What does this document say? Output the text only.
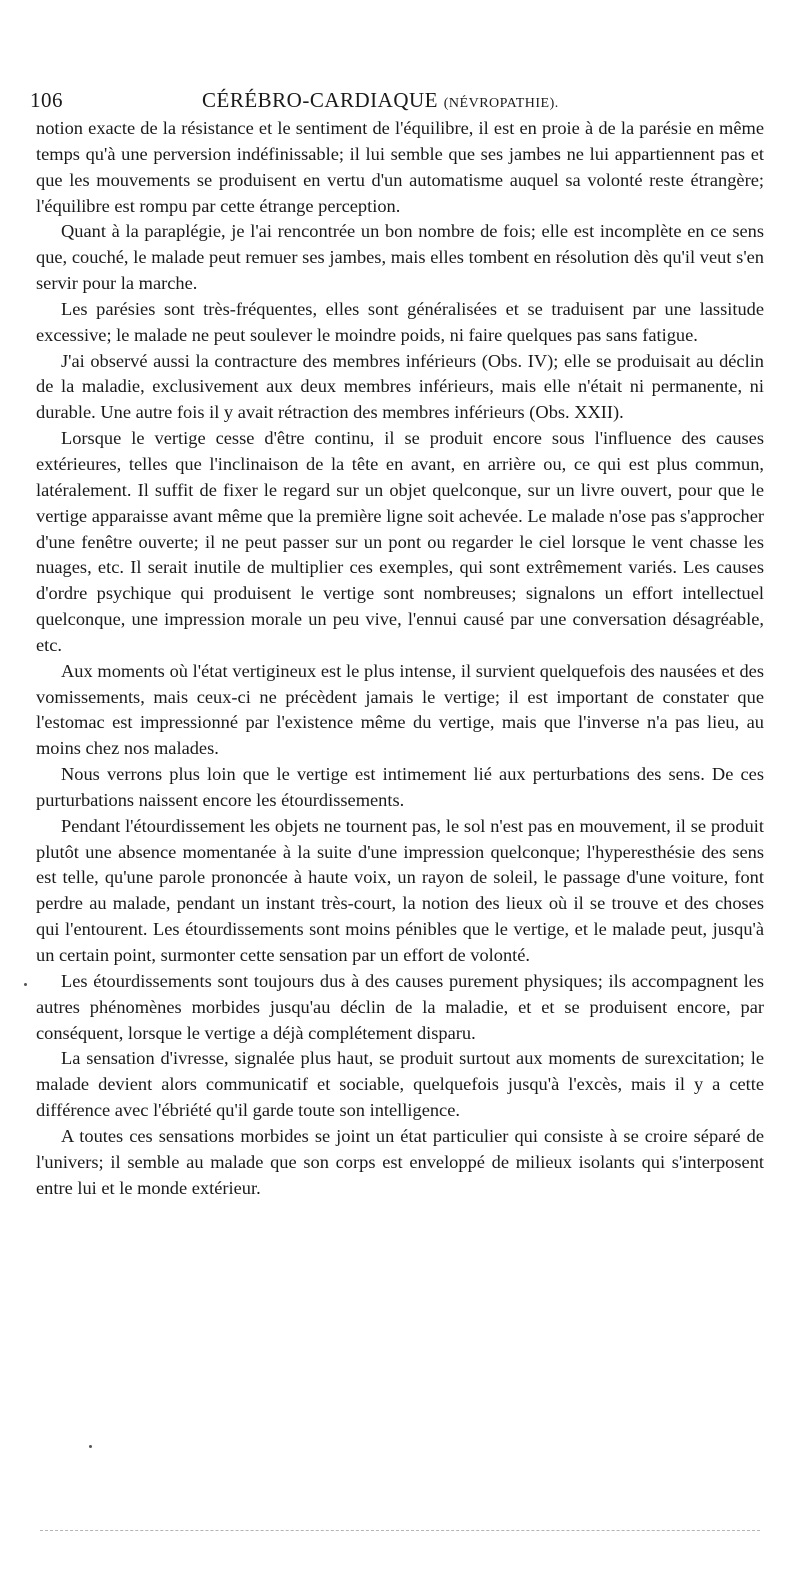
106	CÉRÉBRO-CARDIAQUE (NÉVROPATHIE).

notion exacte de la résistance et le sentiment de l'équilibre, il est en proie à de la parésie en même temps qu'à une perversion indéfinissable; il lui semble que ses jambes ne lui appartiennent pas et que les mouvements se produisent en vertu d'un automatisme auquel sa volonté reste étrangère; l'équilibre est rompu par cette étrange perception.

Quant à la paraplégie, je l'ai rencontrée un bon nombre de fois; elle est incomplète en ce sens que, couché, le malade peut remuer ses jambes, mais elles tombent en résolution dès qu'il veut s'en servir pour la marche.

Les parésies sont très-fréquentes, elles sont généralisées et se traduisent par une lassitude excessive; le malade ne peut soulever le moindre poids, ni faire quelques pas sans fatigue.

J'ai observé aussi la contracture des membres inférieurs (Obs. IV); elle se produisait au déclin de la maladie, exclusivement aux deux membres inférieurs, mais elle n'était ni permanente, ni durable. Une autre fois il y avait rétraction des membres inférieurs (Obs. XXII).

Lorsque le vertige cesse d'être continu, il se produit encore sous l'influence des causes extérieures, telles que l'inclinaison de la tête en avant, en arrière ou, ce qui est plus commun, latéralement. Il suffit de fixer le regard sur un objet quelconque, sur un livre ouvert, pour que le vertige apparaisse avant même que la première ligne soit achevée. Le malade n'ose pas s'approcher d'une fenêtre ouverte; il ne peut passer sur un pont ou regarder le ciel lorsque le vent chasse les nuages, etc. Il serait inutile de multiplier ces exemples, qui sont extrêmement variés. Les causes d'ordre psychique qui produisent le vertige sont nombreuses; signalons un effort intellectuel quelconque, une impression morale un peu vive, l'ennui causé par une conversation désagréable, etc.

Aux moments où l'état vertigineux est le plus intense, il survient quelquefois des nausées et des vomissements, mais ceux-ci ne précèdent jamais le vertige; il est important de constater que l'estomac est impressionné par l'existence même du vertige, mais que l'inverse n'a pas lieu, au moins chez nos malades.

Nous verrons plus loin que le vertige est intimement lié aux perturbations des sens. De ces purturbations naissent encore les étourdissements.

Pendant l'étourdissement les objets ne tournent pas, le sol n'est pas en mouvement, il se produit plutôt une absence momentanée à la suite d'une impression quelconque; l'hyperesthésie des sens est telle, qu'une parole prononcée à haute voix, un rayon de soleil, le passage d'une voiture, font perdre au malade, pendant un instant très-court, la notion des lieux où il se trouve et des choses qui l'entourent. Les étourdissements sont moins pénibles que le vertige, et le malade peut, jusqu'à un certain point, surmonter cette sensation par un effort de volonté.

Les étourdissements sont toujours dus à des causes purement physiques; ils accompagnent les autres phénomènes morbides jusqu'au déclin de la maladie, et et se produisent encore, par conséquent, lorsque le vertige a déjà complétement disparu.

La sensation d'ivresse, signalée plus haut, se produit surtout aux moments de surexcitation; le malade devient alors communicatif et sociable, quelquefois jusqu'à l'excès, mais il y a cette différence avec l'ébriété qu'il garde toute son intelligence.

A toutes ces sensations morbides se joint un état particulier qui consiste à se croire séparé de l'univers; il semble au malade que son corps est enveloppé de milieux isolants qui s'interposent entre lui et le monde extérieur.
